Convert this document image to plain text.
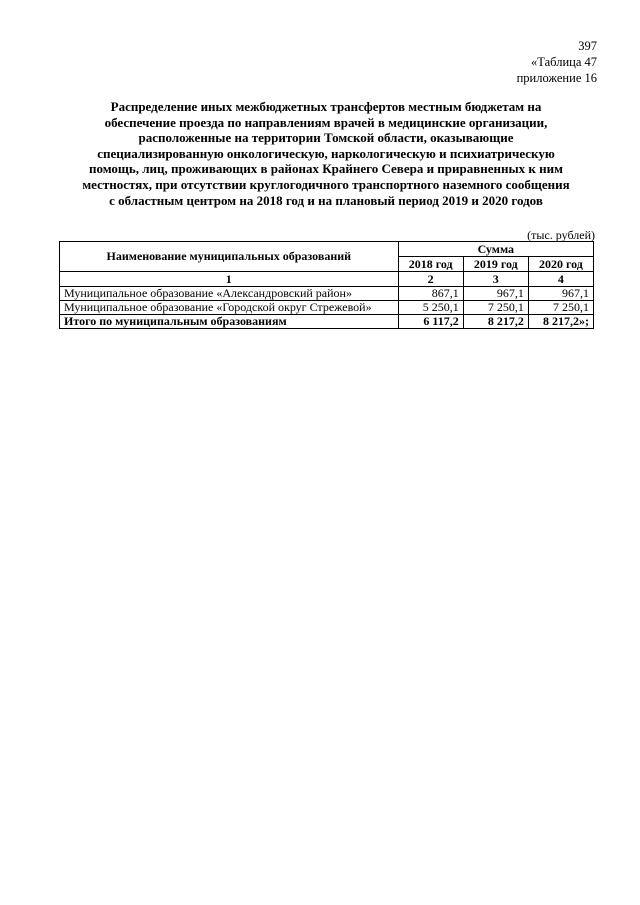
397
«Таблица 47
приложение 16
Распределение иных межбюджетных трансфертов местным бюджетам на
обеспечение проезда по направлениям врачей в медицинские организации,
расположенные на территории Томской области, оказывающие
специализированную онкологическую, наркологическую и психиатрическую
помощь, лиц, проживающих в районах Крайнего Севера и приравненных к ним
местностях, при отсутствии круглогодичного транспортного наземного сообщения
с областным центром на 2018 год и на плановый период 2019 и 2020 годов
(тыс. рублей)
Наименование муниципальных образований	Сумма		
	2018 год	2019 год	2020 год
1	2	3	4
Муниципальное образование «Александровский район»	867,1	967,1	967,1
Муниципальное образование «Городской округ Стрежевой»	5 250,1	7 250,1	7 250,1
Итого по муниципальным образованиям	6 117,2	8 217,2	8 217,2»;
